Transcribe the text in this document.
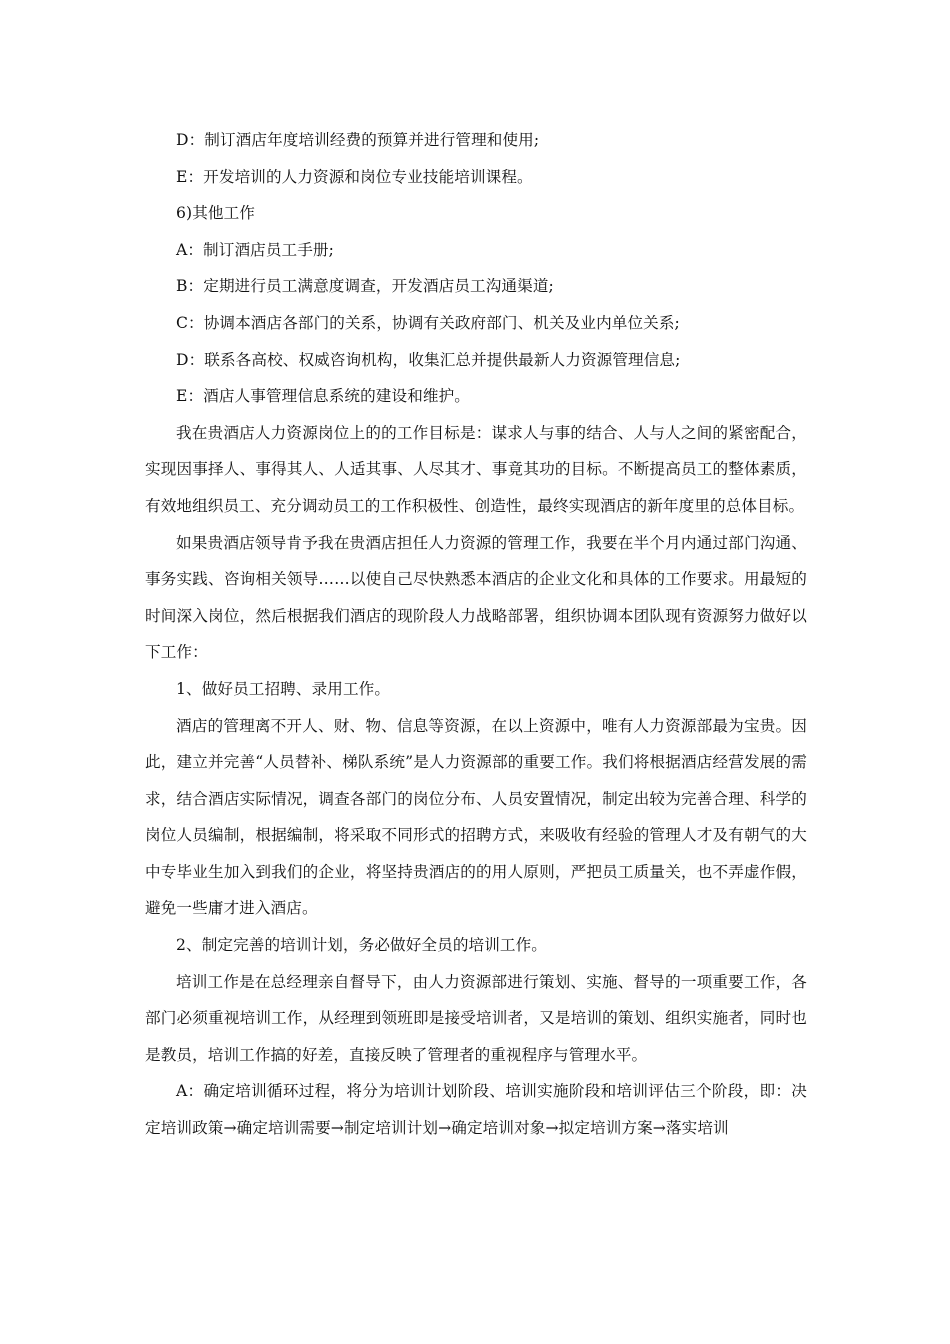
D：制订酒店年度培训经费的预算并进行管理和使用;

E：开发培训的人力资源和岗位专业技能培训课程。

6)其他工作

A：制订酒店员工手册;

B：定期进行员工满意度调查，开发酒店员工沟通渠道;

C：协调本酒店各部门的关系，协调有关政府部门、机关及业内单位关系;

D：联系各高校、权威咨询机构，收集汇总并提供最新人力资源管理信息;

E：酒店人事管理信息系统的建设和维护。

我在贵酒店人力资源岗位上的的工作目标是：谋求人与事的结合、人与人之间的紧密配合，实现因事择人、事得其人、人适其事、人尽其才、事竟其功的目标。不断提高员工的整体素质，有效地组织员工、充分调动员工的工作积极性、创造性，最终实现酒店的新年度里的总体目标。

如果贵酒店领导肯予我在贵酒店担任人力资源的管理工作，我要在半个月内通过部门沟通、事务实践、咨询相关领导……以使自己尽快熟悉本酒店的企业文化和具体的工作要求。用最短的时间深入岗位，然后根据我们酒店的现阶段人力战略部署，组织协调本团队现有资源努力做好以下工作：

1、做好员工招聘、录用工作。

酒店的管理离不开人、财、物、信息等资源，在以上资源中，唯有人力资源部最为宝贵。因此，建立并完善“人员替补、梯队系统”是人力资源部的重要工作。我们将根据酒店经营发展的需求，结合酒店实际情况，调查各部门的岗位分布、人员安置情况，制定出较为完善合理、科学的岗位人员编制，根据编制，将采取不同形式的招聘方式，来吸收有经验的管理人才及有朝气的大中专毕业生加入到我们的企业，将坚持贵酒店的的用人原则，严把员工质量关，也不弄虚作假，避免一些庸才进入酒店。

2、制定完善的培训计划，务必做好全员的培训工作。

培训工作是在总经理亲自督导下，由人力资源部进行策划、实施、督导的一项重要工作，各部门必须重视培训工作，从经理到领班即是接受培训者，又是培训的策划、组织实施者，同时也是教员，培训工作搞的好差，直接反映了管理者的重视程序与管理水平。

A：确定培训循环过程，将分为培训计划阶段、培训实施阶段和培训评估三个阶段，即：决定培训政策→确定培训需要→制定培训计划→确定培训对象→拟定培训方案→落实培训
